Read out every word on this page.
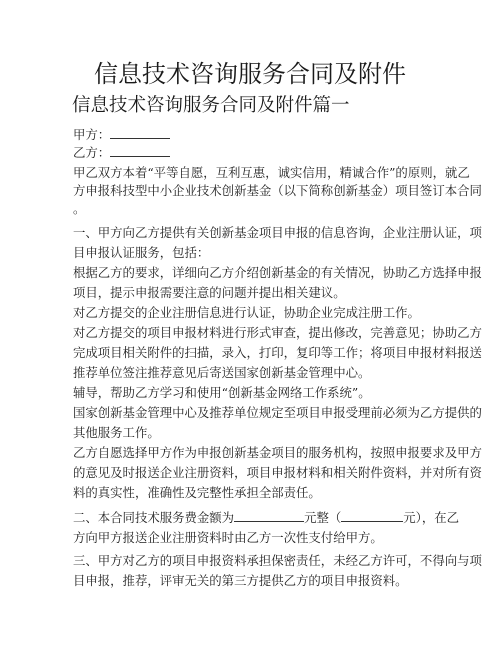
信息技术咨询服务合同及附件
信息技术咨询服务合同及附件篇一
甲方：
乙方：
甲乙双方本着“平等自愿，互利互惠，诚实信用，精诚合作”的原则，就乙
方申报科技型中小企业技术创新基金（以下简称创新基金）项目签订本合同
。
一、甲方向乙方提供有关创新基金项目申报的信息咨询，企业注册认证，项
目申报认证服务，包括：
根据乙方的要求，详细向乙方介绍创新基金的有关情况，协助乙方选择申报
项目，提示申报需要注意的问题并提出相关建议。
对乙方提交的企业注册信息进行认证，协助企业完成注册工作。
对乙方提交的项目申报材料进行形式审查，提出修改，完善意见；协助乙方
完成项目相关附件的扫描，录入，打印，复印等工作；将项目申报材料报送
推荐单位签注推荐意见后寄送国家创新基金管理中心。
辅导，帮助乙方学习和使用“创新基金网络工作系统”。
国家创新基金管理中心及推荐单位规定至项目申报受理前必须为乙方提供的
其他服务工作。
乙方自愿选择甲方作为申报创新基金项目的服务机构，按照申报要求及甲方
的意见及时报送企业注册资料，项目申报材料和相关附件资料，并对所有资
料的真实性，准确性及完整性承担全部责任。
二、本合同技术服务费金额为	元整（	元），在乙
方向甲方报送企业注册资料时由乙方一次性支付给甲方。
三、甲方对乙方的项目申报资料承担保密责任，未经乙方许可，不得向与项
目申报，推荐，评审无关的第三方提供乙方的项目申报资料。
